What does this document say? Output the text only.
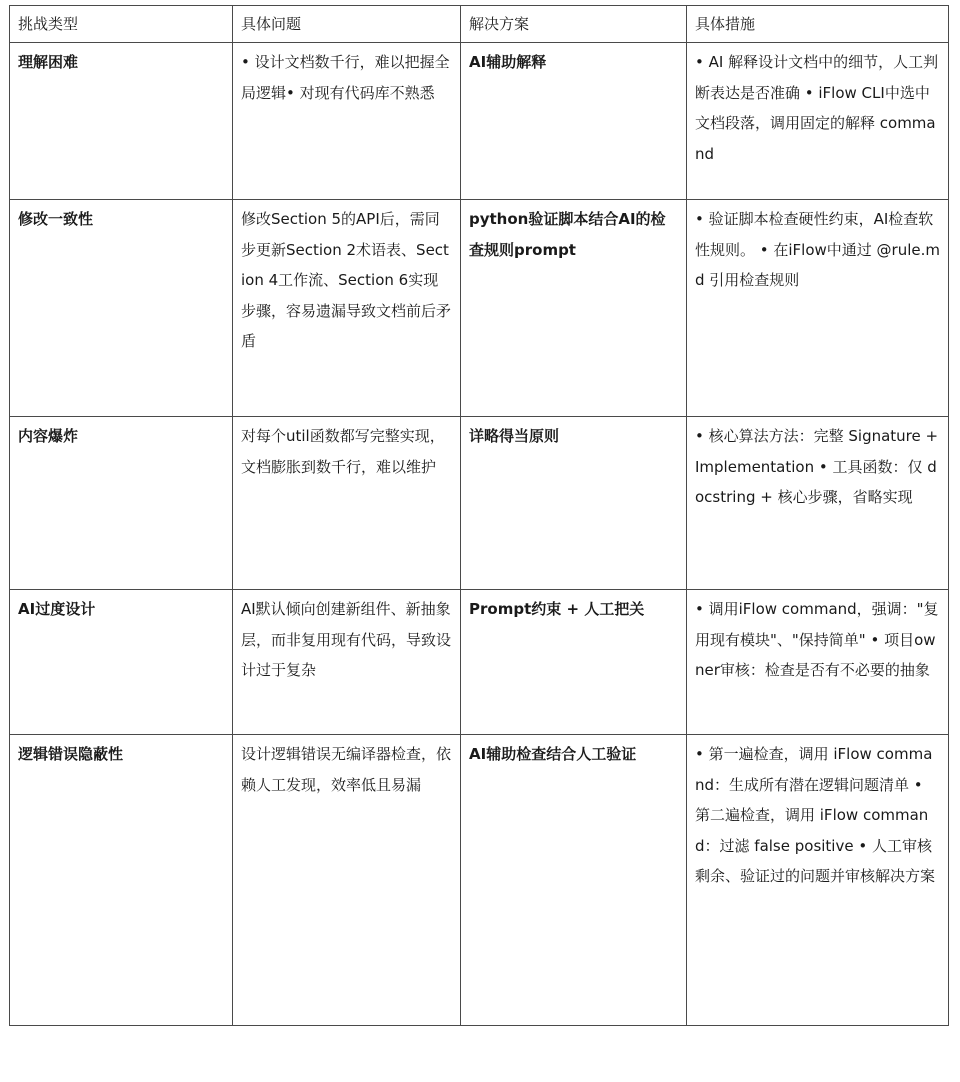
挑战类型	具体问题	解决方案	具体措施
理解困难	• 设计文档数千行，难以把握全局逻辑• 对现有代码库不熟悉	AI辅助解释	• AI 解释设计文档中的细节，人工判断表达是否准确 • iFlow CLI中选中文档段落，调用固定的解释 command
修改一致性	修改Section 5的API后，需同步更新Section 2术语表、Section 4工作流、Section 6实现步骤，容易遗漏导致文档前后矛盾	python验证脚本结合AI的检查规则prompt	• 验证脚本检查硬性约束，AI检查软性规则。 • 在iFlow中通过 @rule.md 引用检查规则
内容爆炸	对每个util函数都写完整实现，文档膨胀到数千行，难以维护	详略得当原则	• 核心算法方法：完整 Signature + Implementation • 工具函数：仅 docstring + 核心步骤，省略实现
AI过度设计	AI默认倾向创建新组件、新抽象层，而非复用现有代码，导致设计过于复杂	Prompt约束 + 人工把关	• 调用iFlow command，强调："复用现有模块"、"保持简单" • 项目owner审核：检查是否有不必要的抽象
逻辑错误隐蔽性	设计逻辑错误无编译器检查，依赖人工发现，效率低且易漏	AI辅助检查结合人工验证	• 第一遍检查，调用 iFlow command：生成所有潜在逻辑问题清单 • 第二遍检查，调用 iFlow command：过滤 false positive • 人工审核剩余、验证过的问题并审核解决方案
